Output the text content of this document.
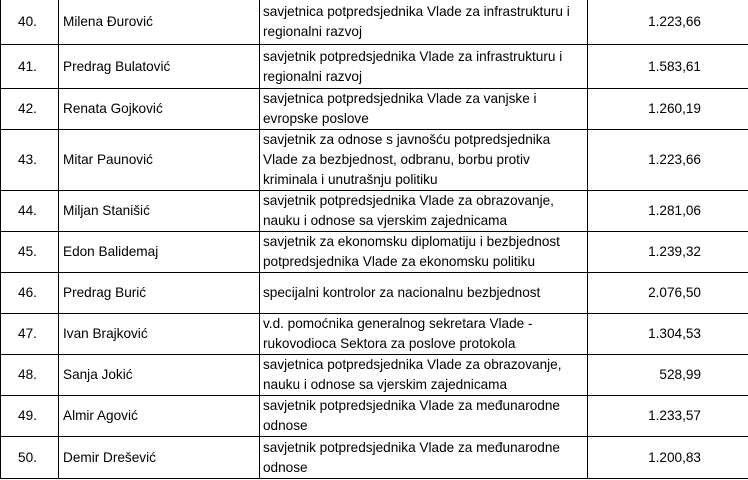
40.	Milena Đurović	savjetnica potpredsjednika Vlade za infrastrukturu i
regionalni razvoj	1.223,66
41.	Predrag Bulatović	savjetnik potpredsjednika Vlade za infrastrukturu i
regionalni razvoj	1.583,61
42.	Renata Gojković	savjetnica potpredsjednika Vlade za vanjske i
evropske poslove	1.260,19
43.	Mitar Paunović	savjetnik za odnose s javnošću potpredsjednika
Vlade za bezbjednost, odbranu, borbu protiv
kriminala i unutrašnju politiku	1.223,66
44.	Miljan Stanišić	savjetnik potpredsjednika Vlade za obrazovanje,
nauku i odnose sa vjerskim zajednicama	1.281,06
45.	Edon Balidemaj	savjetnik za ekonomsku diplomatiju i bezbjednost
potpredsjednika Vlade za ekonomsku politiku	1.239,32
46.	Predrag Burić	specijalni kontrolor za nacionalnu bezbjednost	2.076,50
47.	Ivan Brajković	v.d. pomoćnika generalnog sekretara Vlade -
rukovodioca Sektora za poslove protokola	1.304,53
48.	Sanja Jokić	savjetnica potpredsjednika Vlade za obrazovanje,
nauku i odnose sa vjerskim zajednicama	528,99
49.	Almir Agović	savjetnik potpredsjednika Vlade za međunarodne
odnose	1.233,57
50.	Demir Drešević	savjetnik potpredsjednika Vlade za međunarodne
odnose	1.200,83
